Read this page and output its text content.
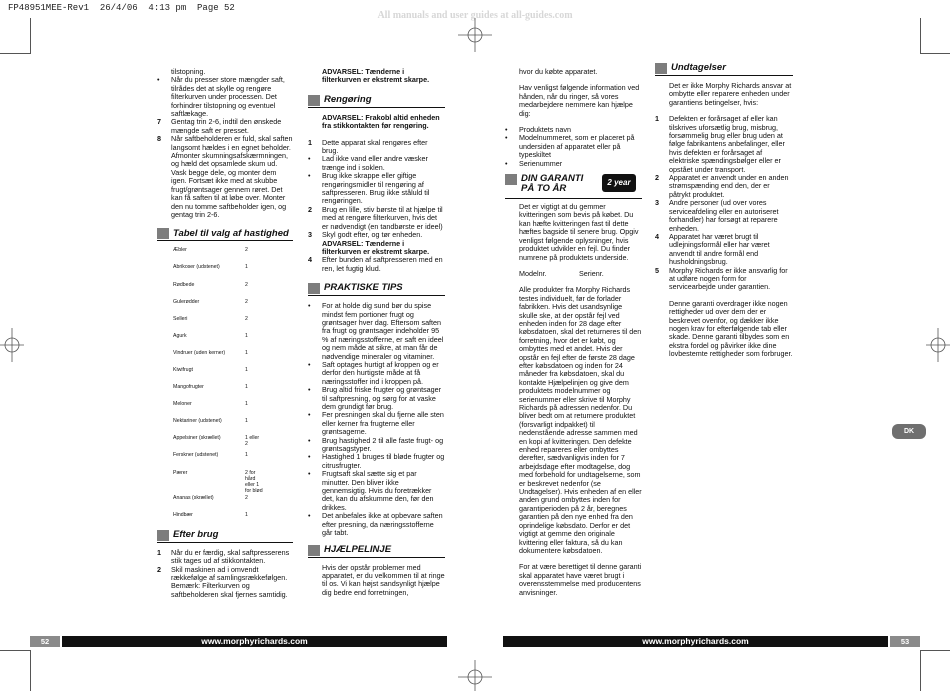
FP48951MEE-Rev1  26/4/06  4:13 pm  Page 52
All manuals and user guides at all-guides.com
tilstopning.
•	Når du presser store mængder saft, tilrådes det at skylle og rengøre filterkurven under processen. Det forhindrer tilstopning og eventuel saftlækage.
7	Gentag trin 2-6, indtil den ønskede mængde saft er presset.
8	Når saftbeholderen er fuld, skal saften langsomt hældes i en egnet beholder. Afmonter skumningsafskærmningen, og hæld det opsamlede skum ud. Vask begge dele, og monter dem igen. Fortsæt ikke med at skubbe frugt/grøntsager gennem røret. Det kan få saften til at løbe over. Monter den nu tomme saftbeholder igen, og gentag trin 2-6.
Tabel til valg af hastighed
Æbler	2
Abrikoser (udstenet)	1
Rødbede	2
Gulerødder	2
Selleri	2
Agurk	1
Vindruer (uden kerner)	1
Kiwifrugt	1
Mangofrugter	1
Meloner	1
Nektariner (udstenet)	1
Appelsiner (skrællet)	1 eller 2
Ferskner (udstenet)	1
Pærer	2 for hård eller 1 for blød
Ananas (skrællet)	2
Hindbær	1
Efter brug
1	Når du er færdig, skal saftpresserens stik tages ud af stikkontakten.
2	Skil maskinen ad i omvendt rækkefølge af samlingsrækkefølgen. Bemærk: Filterkurven og saftbeholderen skal fjernes samtidig.
ADVARSEL: Tænderne i filterkurven er ekstremt skarpe.
Rengøring
ADVARSEL: Frakobl altid enheden fra stikkontakten før rengøring.
1	Dette apparat skal rengøres efter brug.
•	Lad ikke vand eller andre væsker trænge ind i soklen.
•	Brug ikke skrappe eller giftige rengøringsmidler til rengøring af saftpresseren. Brug ikke ståluld til rengøringen.
2	Brug en lille, stiv børste til at hjælpe til med at rengøre filterkurven, hvis det er nødvendigt (en tandbørste er ideel)
3	Skyl godt efter, og tør enheden.
ADVARSEL: Tænderne i filterkurven er ekstremt skarpe.
4	Efter bunden af saftpresseren med en ren, let fugtig klud.
PRAKTISKE TIPS
•	For at holde dig sund bør du spise mindst fem portioner frugt og grøntsager hver dag. Eftersom saften fra frugt og grøntsager indeholder 95 % af næringsstofferne, er saft en ideel og nem måde at sikre, at man får de nødvendige mineraler og vitaminer.
•	Saft optages hurtigt af kroppen og er derfor den hurtigste måde at få næringsstoffer ind i kroppen på.
•	Brug altid friske frugter og grøntsager til saftpresning, og sørg for at vaske dem grundigt før brug.
•	Fer presningen skal du fjerne alle sten eller kerner fra frugterne eller grøntsagerne.
•	Brug hastighed 2 til alle faste frugt- og grøntsagstyper.
•	Hastighed 1 bruges til bløde frugter og citrusfrugter.
•	Frugtsaft skal sætte sig et par minutter. Den bliver ikke gennemsigtig. Hvis du foretrækker det, kan du afskumme den, før den drikkes.
•	Det anbefales ikke at opbevare saften efter presning, da næringsstofferne går tabt.
HJÆLPELINJE
Hvis der opstår problemer med apparatet, er du velkommen til at ringe til os. Vi kan højst sandsynligt hjælpe dig bedre end forretningen,

hvor du købte apparatet.

Hav venligst følgende information ved hånden, når du ringer, så vores medarbejdere nemmere kan hjælpe dig:

•	Produktets navn
•	Modelnummeret, som er placeret på undersiden af apparatet eller på typeskiltet
•	Serienummer
DIN GARANTI
PÅ TO ÅR
2 year

Det er vigtigt at du gemmer kvitteringen som bevis på købet. Du kan hæfte kvitteringen fast til dette hæftes bagside til senere brug. Opgiv venligst følgende oplysninger, hvis produktet udvikler en fejl. Du finder numrene på produktets underside.

Modelnr.	Serienr.

Alle produkter fra Morphy Richards testes individuelt, før de forlader fabrikken. Hvis det usandsynlige skulle ske, at der opstår fejl ved enheden inden for 28 dage efter købsdatoen, skal det returneres til den forretning, hvor det er købt, og ombyttes med et andet. Hvis der opstår en fejl efter de første 28 dage efter købsdatoen og inden for 24 måneder fra købsdatoen, skal du kontakte Hjælpelinjen og give dem produktets modelnummer og serienummer eller skrive til Morphy Richards på adressen nedenfor. Du bliver bedt om at returnere produktet (forsvarligt indpakket) til nedenstående adresse sammen med en kopi af kvitteringen. Den defekte enhed repareres eller ombyttes derefter, sædvanligvis inden for 7 arbejdsdage efter modtagelse, dog med forbehold for undtagelserne, som er beskrevet nedenfor (se Undtagelser). Hvis enheden af en eller anden grund ombyttes inden for garantiperioden på 2 år, beregnes garantien på den nye enhed fra den oprindelige købsdato. Derfor er det vigtigt at gemme den originale kvittering eller faktura, så du kan dokumentere købsdatoen.

For at være berettiget til denne garanti skal apparatet have været brugt i overensstemmelse med producentens anvisninger.

Undtagelser

Det er ikke Morphy Richards ansvar at ombytte eller reparere enheden under garantiens betingelser, hvis:

1	Defekten er forårsaget af eller kan tilskrives uforsætlig brug, misbrug, forsømmelig brug eller brug uden at følge fabrikantens anbefalinger, eller hvis defekten er forårsaget af elektriske spændingsbølger eller er opstået under transport.
2	Apparatet er anvendt under en anden strømspænding end den, der er påtrykt produktet.
3	Andre personer (ud over vores serviceafdeling eller en autoriseret forhandler) har forsøgt at reparere enheden.
4	Apparatet har været brugt til udlejningsformål eller har været anvendt til andre formål end husholdningsbrug.
5	Morphy Richards er ikke ansvarlig for at udføre nogen form for servicearbejde under garantien.

Denne garanti overdrager ikke nogen rettigheder ud over dem der er beskrevet ovenfor, og dækker ikke nogen krav for efterfølgende tab eller skade. Denne garanti tilbydes som en ekstra fordel og påvirker ikke dine lovbestemte rettigheder som forbruger.

DK
52	www.morphyrichards.com	www.morphyrichards.com	53
